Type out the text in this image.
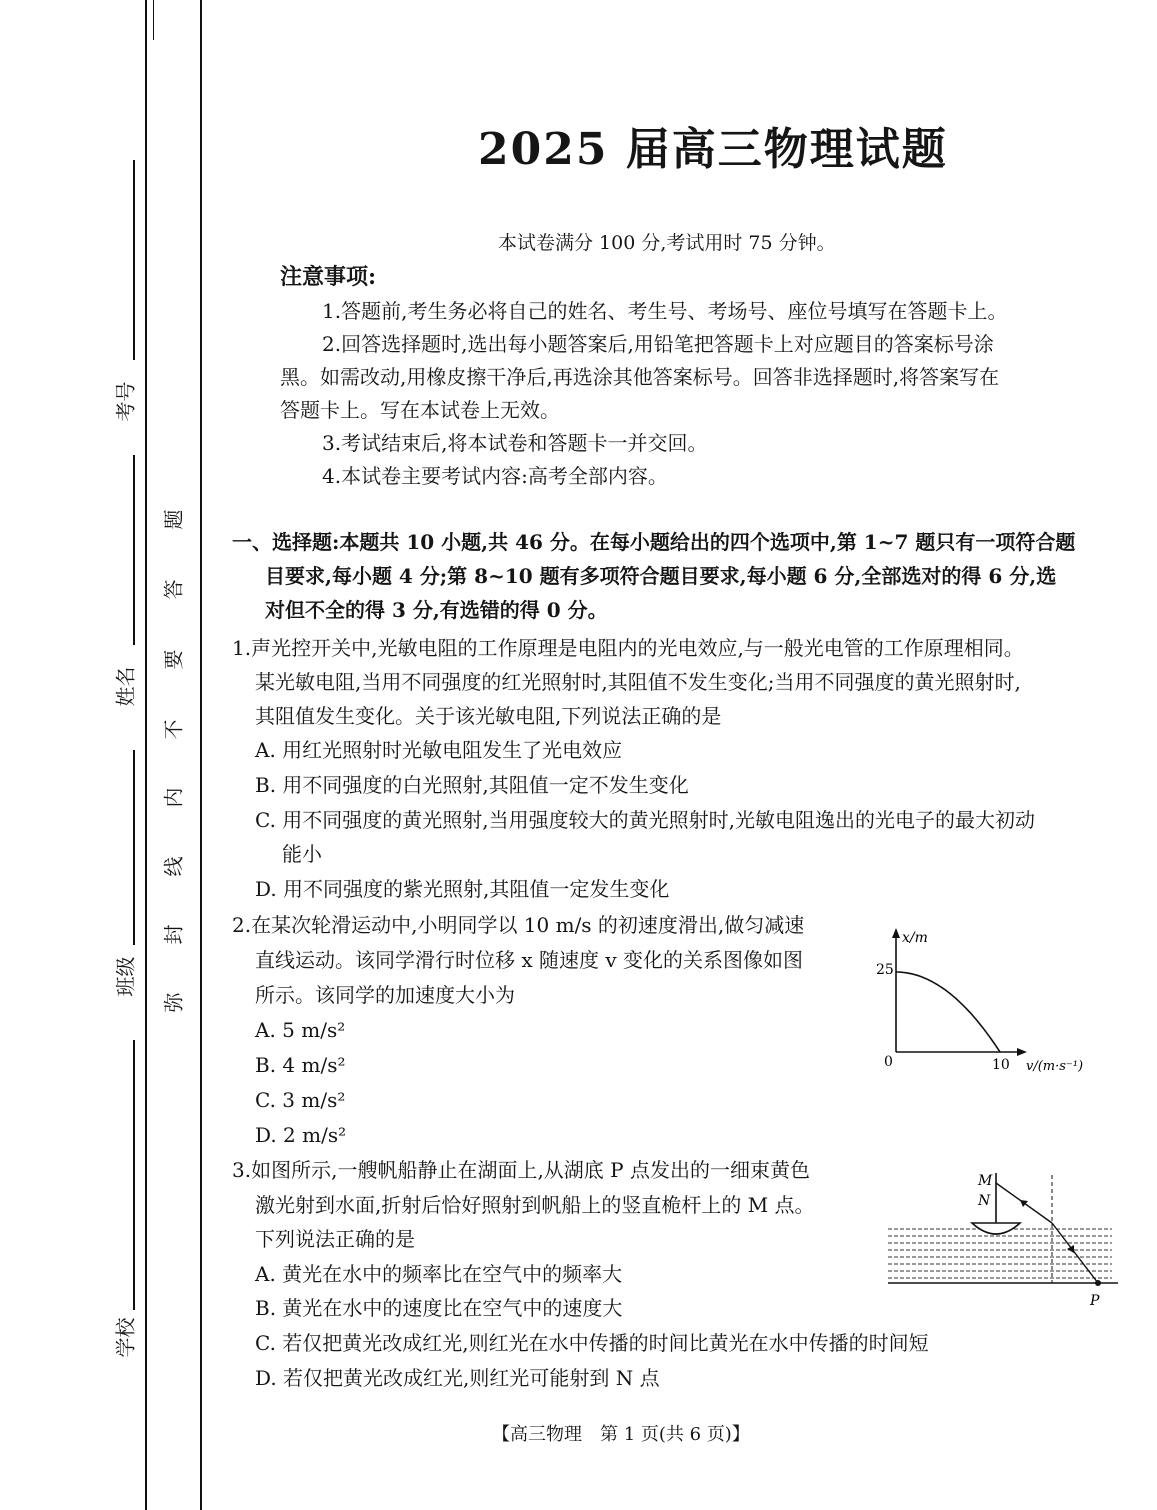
考号
姓名
班级
学校
题
答
要
不
内
线
封
弥
2025 届高三物理试题
本试卷满分 100 分,考试用时 75 分钟。
注意事项:
1.答题前,考生务必将自己的姓名、考生号、考场号、座位号填写在答题卡上。
2.回答选择题时,选出每小题答案后,用铅笔把答题卡上对应题目的答案标号涂
黑。如需改动,用橡皮擦干净后,再选涂其他答案标号。回答非选择题时,将答案写在
答题卡上。写在本试卷上无效。
3.考试结束后,将本试卷和答题卡一并交回。
4.本试卷主要考试内容:高考全部内容。
一、选择题:本题共 10 小题,共 46 分。在每小题给出的四个选项中,第 1~7 题只有一项符合题
目要求,每小题 4 分;第 8~10 题有多项符合题目要求,每小题 6 分,全部选对的得 6 分,选
对但不全的得 3 分,有选错的得 0 分。
1.声光控开关中,光敏电阻的工作原理是电阻内的光电效应,与一般光电管的工作原理相同。
某光敏电阻,当用不同强度的红光照射时,其阻值不发生变化;当用不同强度的黄光照射时,
其阻值发生变化。关于该光敏电阻,下列说法正确的是
A. 用红光照射时光敏电阻发生了光电效应
B. 用不同强度的白光照射,其阻值一定不发生变化
C. 用不同强度的黄光照射,当用强度较大的黄光照射时,光敏电阻逸出的光电子的最大初动
能小
D. 用不同强度的紫光照射,其阻值一定发生变化
2.在某次轮滑运动中,小明同学以 10 m/s 的初速度滑出,做匀减速
直线运动。该同学滑行时位移 x 随速度 v 变化的关系图像如图
所示。该同学的加速度大小为
A. 5 m/s²
B. 4 m/s²
C. 3 m/s²
D. 2 m/s²
x/m
25
0	10 v/(m·s⁻¹)
3.如图所示,一艘帆船静止在湖面上,从湖底 P 点发出的一细束黄色
激光射到水面,折射后恰好照射到帆船上的竖直桅杆上的 M 点。
下列说法正确的是
A. 黄光在水中的频率比在空气中的频率大
B. 黄光在水中的速度比在空气中的速度大
C. 若仅把黄光改成红光,则红光在水中传播的时间比黄光在水中传播的时间短
D. 若仅把黄光改成红光,则红光可能射到 N 点
M
N
P
【高三物理　第 1 页(共 6 页)】
